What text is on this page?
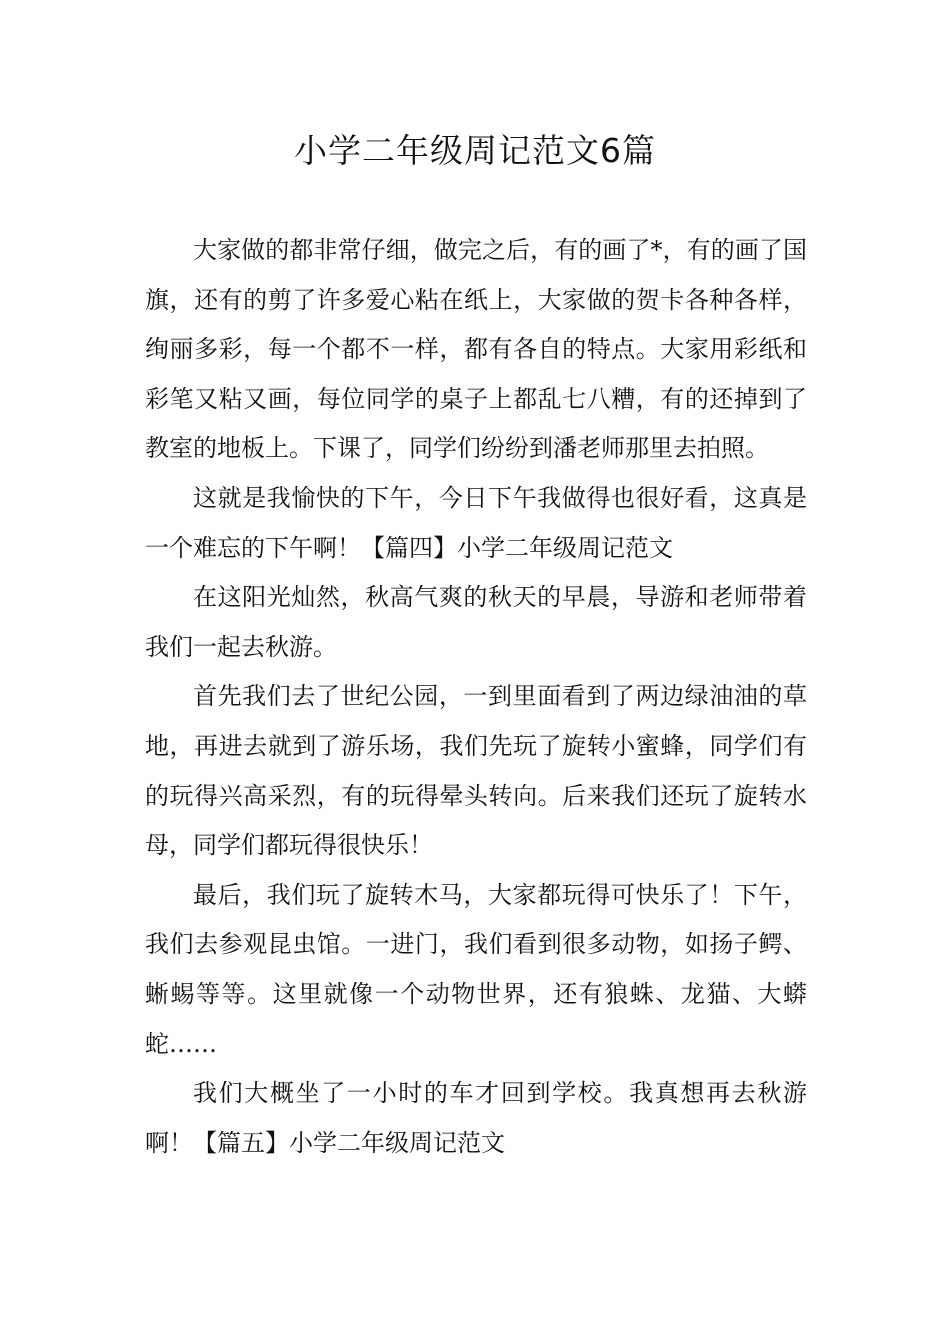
小学二年级周记范文6篇

大家做的都非常仔细，做完之后，有的画了*，有的画了国旗，还有的剪了许多爱心粘在纸上，大家做的贺卡各种各样，绚丽多彩，每一个都不一样，都有各自的特点。大家用彩纸和彩笔又粘又画，每位同学的桌子上都乱七八糟，有的还掉到了教室的地板上。下课了，同学们纷纷到潘老师那里去拍照。

这就是我愉快的下午，今日下午我做得也很好看，这真是一个难忘的下午啊！【篇四】小学二年级周记范文

在这阳光灿然，秋高气爽的秋天的早晨，导游和老师带着我们一起去秋游。

首先我们去了世纪公园，一到里面看到了两边绿油油的草地，再进去就到了游乐场，我们先玩了旋转小蜜蜂，同学们有的玩得兴高采烈，有的玩得晕头转向。后来我们还玩了旋转水母，同学们都玩得很快乐！

最后，我们玩了旋转木马，大家都玩得可快乐了！下午，我们去参观昆虫馆。一进门，我们看到很多动物，如扬子鳄、蜥蜴等等。这里就像一个动物世界，还有狼蛛、龙猫、大蟒蛇……

我们大概坐了一小时的车才回到学校。我真想再去秋游啊！【篇五】小学二年级周记范文
